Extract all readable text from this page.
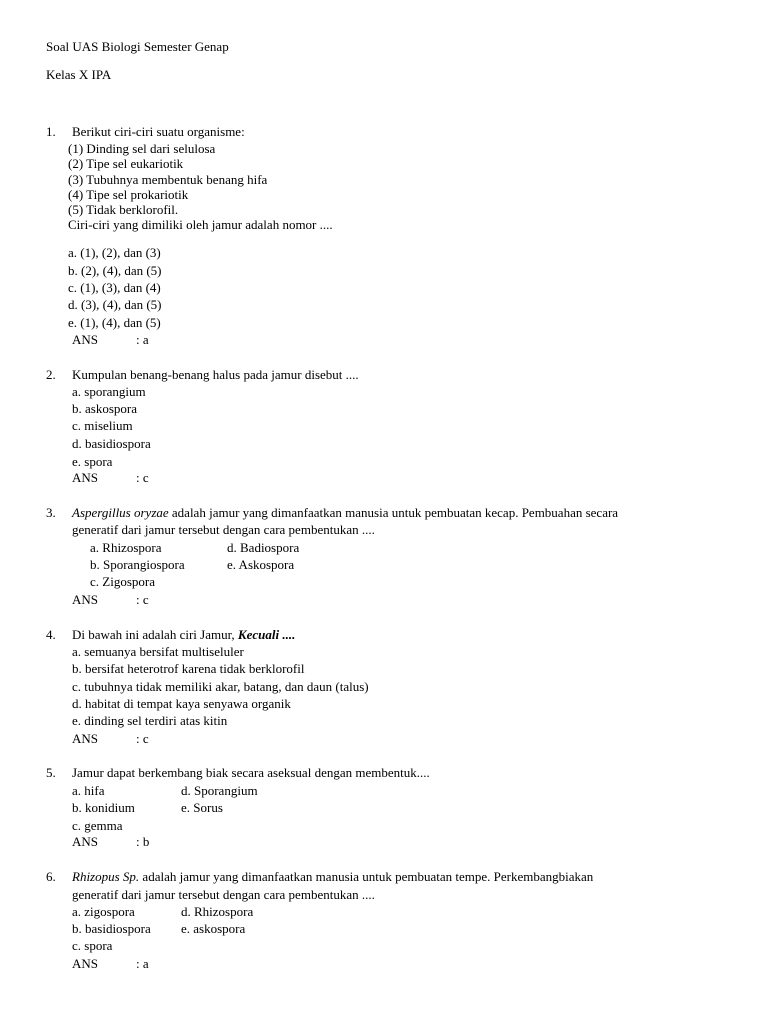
Soal UAS Biologi Semester Genap
Kelas X IPA
1. Berikut ciri-ciri suatu organisme:
(1) Dinding sel dari selulosa
(2) Tipe sel eukariotik
(3) Tubuhnya membentuk benang hifa
(4) Tipe sel prokariotik
(5) Tidak berklorofil.
Ciri-ciri yang dimiliki oleh jamur adalah nomor ....
a. (1), (2), dan (3)
b. (2), (4), dan (5)
c. (1), (3), dan (4)
d. (3), (4), dan (5)
e. (1), (4), dan (5)
ANS	: a
2. Kumpulan benang-benang halus pada jamur disebut ....
a. sporangium
b. askospora
c. miselium
d. basidiospora
e. spora
ANS	: c
3. Aspergillus oryzae adalah jamur yang dimanfaatkan manusia untuk pembuatan kecap. Pembuahan secara
generatif dari jamur tersebut dengan cara pembentukan ....
a. Rhizospora
b. Sporangiospora
c. Zigospora
d. Badiospora
e. Askospora
ANS	: c
4. Di bawah ini adalah ciri Jamur, Kecuali ....
a. semuanya bersifat multiseluler
b. bersifat heterotrof karena tidak berklorofil
c. tubuhnya tidak memiliki akar, batang, dan daun (talus)
d. habitat di tempat kaya senyawa organik
e. dinding sel terdiri atas kitin
ANS	: c
5. Jamur dapat berkembang biak secara aseksual dengan membentuk....
a. hifa
b. konidium
c. gemma
d. Sporangium
e. Sorus
ANS	: b
6. Rhizopus Sp. adalah jamur yang dimanfaatkan manusia untuk pembuatan tempe. Perkembangbiakan
generatif dari jamur tersebut dengan cara pembentukan ....
a. zigospora
b. basidiospora
c. spora
d. Rhizospora
e. askospora
ANS	: a
